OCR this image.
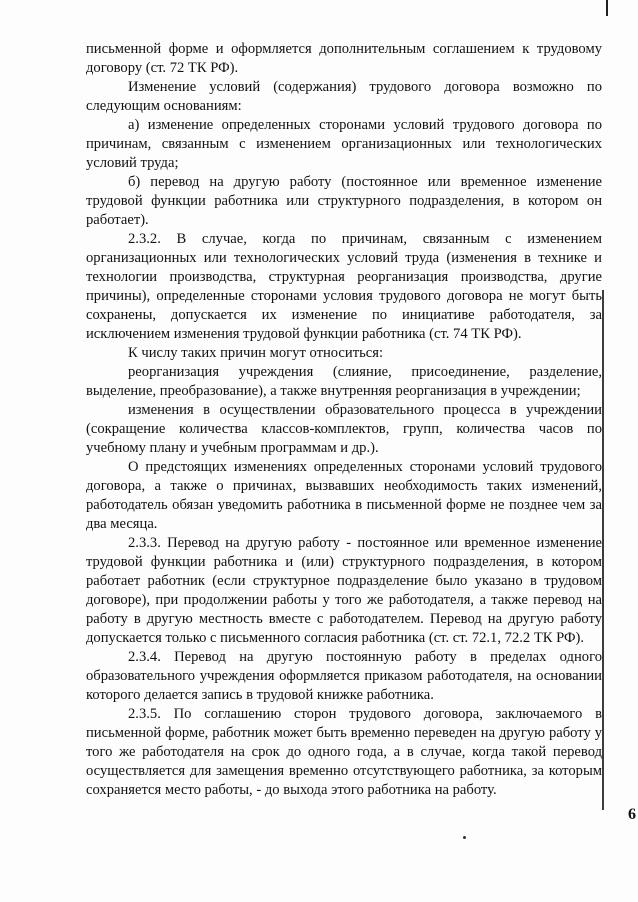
письменной форме и оформляется дополнительным соглашением к трудовому договору (ст. 72 ТК РФ).

Изменение условий (содержания) трудового договора возможно по следующим основаниям:

а) изменение определенных сторонами условий трудового договора по причинам, связанным с изменением организационных или технологических условий труда;

б) перевод на другую работу (постоянное или временное изменение трудовой функции работника или структурного подразделения, в котором он работает).

2.3.2. В случае, когда по причинам, связанным с изменением организационных или технологических условий труда (изменения в технике и технологии производства, структурная реорганизация производства, другие причины), определенные сторонами условия трудового договора не могут быть сохранены, допускается их изменение по инициативе работодателя, за исключением изменения трудовой функции работника (ст. 74 ТК РФ).

К числу таких причин могут относиться:

реорганизация учреждения (слияние, присоединение, разделение, выделение, преобразование), а также внутренняя реорганизация в учреждении;

изменения в осуществлении образовательного процесса в учреждении (сокращение количества классов-комплектов, групп, количества часов по учебному плану и учебным программам и др.).

О предстоящих изменениях определенных сторонами условий трудового договора, а также о причинах, вызвавших необходимость таких изменений, работодатель обязан уведомить работника в письменной форме не позднее чем за два месяца.

2.3.3. Перевод на другую работу - постоянное или временное изменение трудовой функции работника и (или) структурного подразделения, в котором работает работник (если структурное подразделение было указано в трудовом договоре), при продолжении работы у того же работодателя, а также перевод на работу в другую местность вместе с работодателем. Перевод на другую работу допускается только с письменного согласия работника (ст. ст. 72.1, 72.2 ТК РФ).

2.3.4. Перевод на другую постоянную работу в пределах одного образовательного учреждения оформляется приказом работодателя, на основании которого делается запись в трудовой книжке работника.

2.3.5. По соглашению сторон трудового договора, заключаемого в письменной форме, работник может быть временно переведен на другую работу у того же работодателя на срок до одного года, а в случае, когда такой перевод осуществляется для замещения временно отсутствующего работника, за которым сохраняется место работы, - до выхода этого работника на работу.

6
